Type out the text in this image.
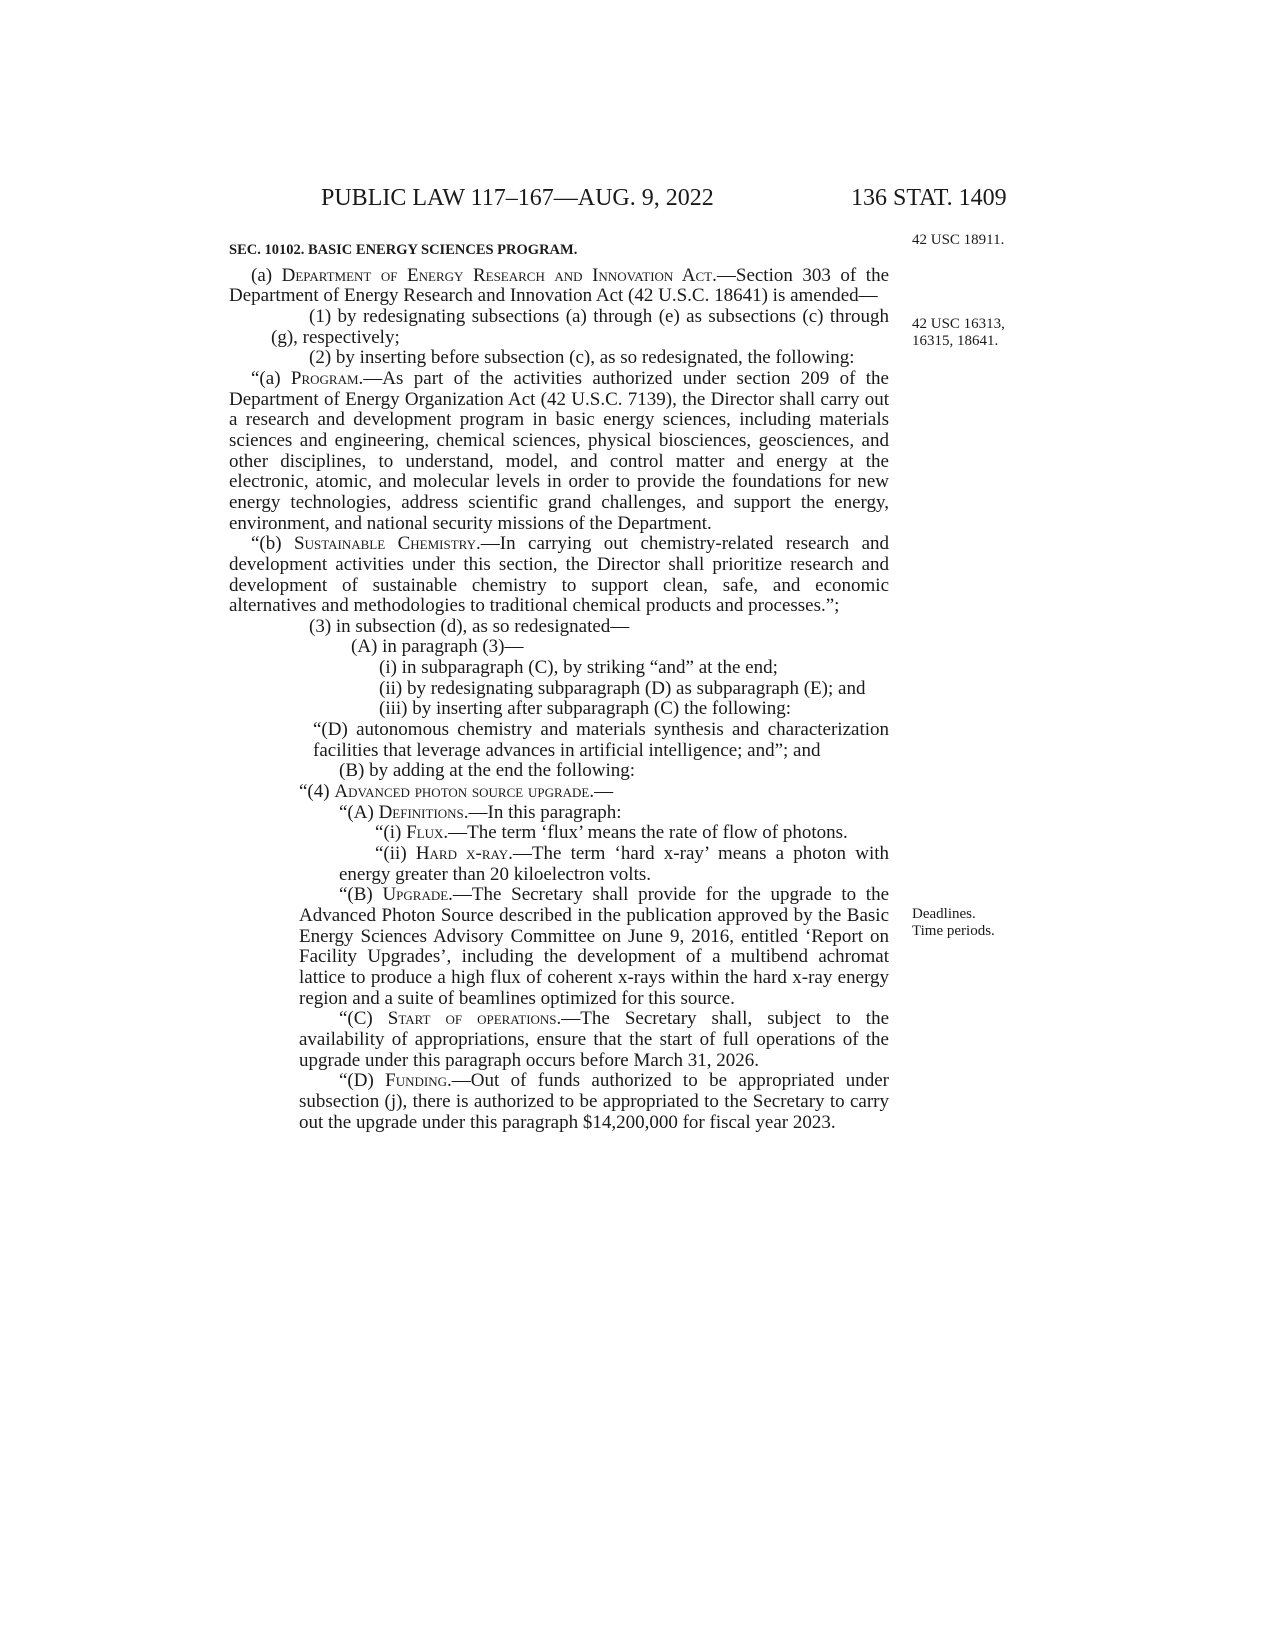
PUBLIC LAW 117–167—AUG. 9, 2022	136 STAT. 1409
42 USC 18911.
42 USC 16313,
16315, 18641.
Deadlines.
Time periods.

SEC. 10102. BASIC ENERGY SCIENCES PROGRAM.

(a) Department of Energy Research and Innovation Act.—Section 303 of the Department of Energy Research and Innovation Act (42 U.S.C. 18641) is amended—

(1) by redesignating subsections (a) through (e) as subsections (c) through (g), respectively;

(2) by inserting before subsection (c), as so redesignated, the following:

“(a) Program.—As part of the activities authorized under section 209 of the Department of Energy Organization Act (42 U.S.C. 7139), the Director shall carry out a research and development program in basic energy sciences, including materials sciences and engineering, chemical sciences, physical biosciences, geosciences, and other disciplines, to understand, model, and control matter and energy at the electronic, atomic, and molecular levels in order to provide the foundations for new energy technologies, address scientific grand challenges, and support the energy, environment, and national security missions of the Department.

“(b) Sustainable Chemistry.—In carrying out chemistry-related research and development activities under this section, the Director shall prioritize research and development of sustainable chemistry to support clean, safe, and economic alternatives and methodologies to traditional chemical products and processes.”;

(3) in subsection (d), as so redesignated—

(A) in paragraph (3)—

(i) in subparagraph (C), by striking “and” at the end;

(ii) by redesignating subparagraph (D) as subparagraph (E); and

(iii) by inserting after subparagraph (C) the following:

“(D) autonomous chemistry and materials synthesis and characterization facilities that leverage advances in artificial intelligence; and”; and

(B) by adding at the end the following:

“(4) Advanced photon source upgrade.—

“(A) Definitions.—In this paragraph:

“(i) Flux.—The term ‘flux’ means the rate of flow of photons.

“(ii) Hard x-ray.—The term ‘hard x-ray’ means a photon with energy greater than 20 kiloelectron volts.

“(B) Upgrade.—The Secretary shall provide for the upgrade to the Advanced Photon Source described in the publication approved by the Basic Energy Sciences Advisory Committee on June 9, 2016, entitled ‘Report on Facility Upgrades’, including the development of a multibend achromat lattice to produce a high flux of coherent x-rays within the hard x-ray energy region and a suite of beamlines optimized for this source.

“(C) Start of operations.—The Secretary shall, subject to the availability of appropriations, ensure that the start of full operations of the upgrade under this paragraph occurs before March 31, 2026.

“(D) Funding.—Out of funds authorized to be appropriated under subsection (j), there is authorized to be appropriated to the Secretary to carry out the upgrade under this paragraph $14,200,000 for fiscal year 2023.
